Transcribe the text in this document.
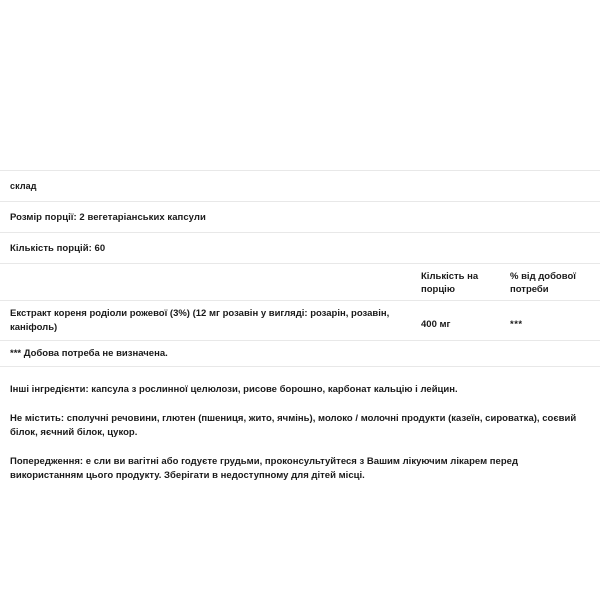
склад
Розмір порції: 2 вегетаріанських капсули
Кількість порцій: 60
Кількість на порцію
% від добової потреби
Екстракт кореня родіоли рожевої (3%) (12 мг розавін у вигляді: розарін, розавін, каніфоль)	400 мг	***
*** Добова потреба не визначена.

Інші інгредієнти: капсула з рослинної целюлози, рисове борошно, карбонат кальцію і лейцин.

Не містить: сполучні речовини, глютен (пшениця, жито, ячмінь), молоко / молочні продукти (казеїн, сироватка), соєвий білок, яєчний білок, цукор.

Попередження: е сли ви вагітні або годуєте грудьми, проконсультуйтеся з Вашим лікуючим лікарем перед використанням цього продукту. Зберігати в недоступному для дітей місці.
